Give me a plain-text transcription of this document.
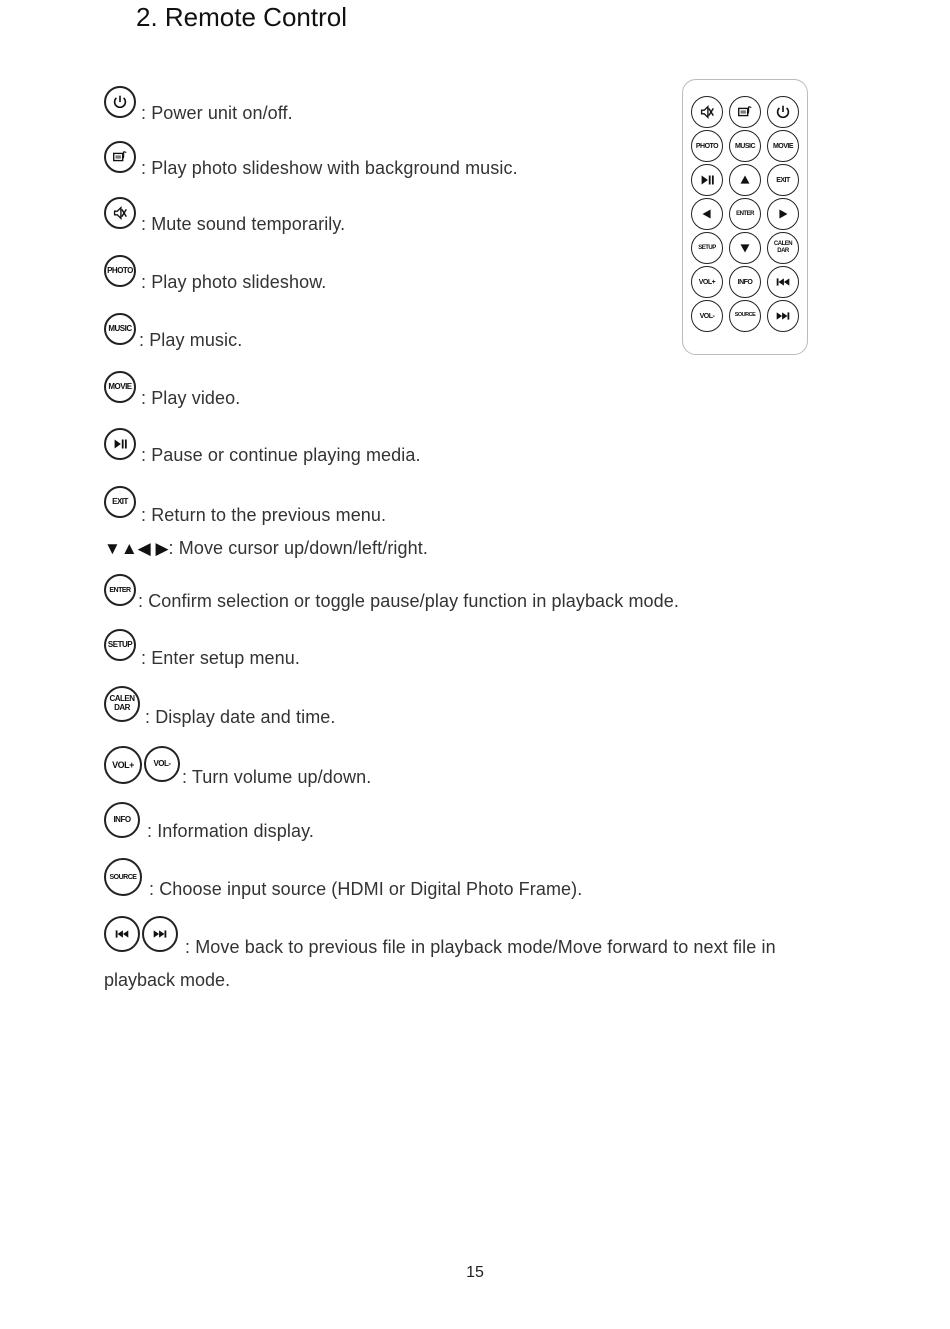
2. Remote Control
: Power unit on/off.
: Play photo slideshow with background music.
: Mute sound temporarily.
PHOTO
: Play photo slideshow.
MUSIC
: Play music.
MOVIE
: Play video.
: Pause or continue playing media.
EXIT
: Return to the previous menu.
▼▲◀ ▶ : Move cursor up/down/left/right.
ENTER
: Confirm selection or toggle pause/play function in playback mode.
SETUP
: Enter setup menu.
CALEN DAR : Display date and time.
VOL+ VOL-
: Turn volume up/down.
INFO
: Information display.
SOURCE
: Choose input source (HDMI or Digital Photo Frame).
: Move back to previous file in playback mode/Move forward to next file in
playback mode.
PHOTO MUSIC	MOVIE
EXIT
ENTER
SETUP
CALEN DAR
VOL+	INFO
VOL-	SOURCE
15
